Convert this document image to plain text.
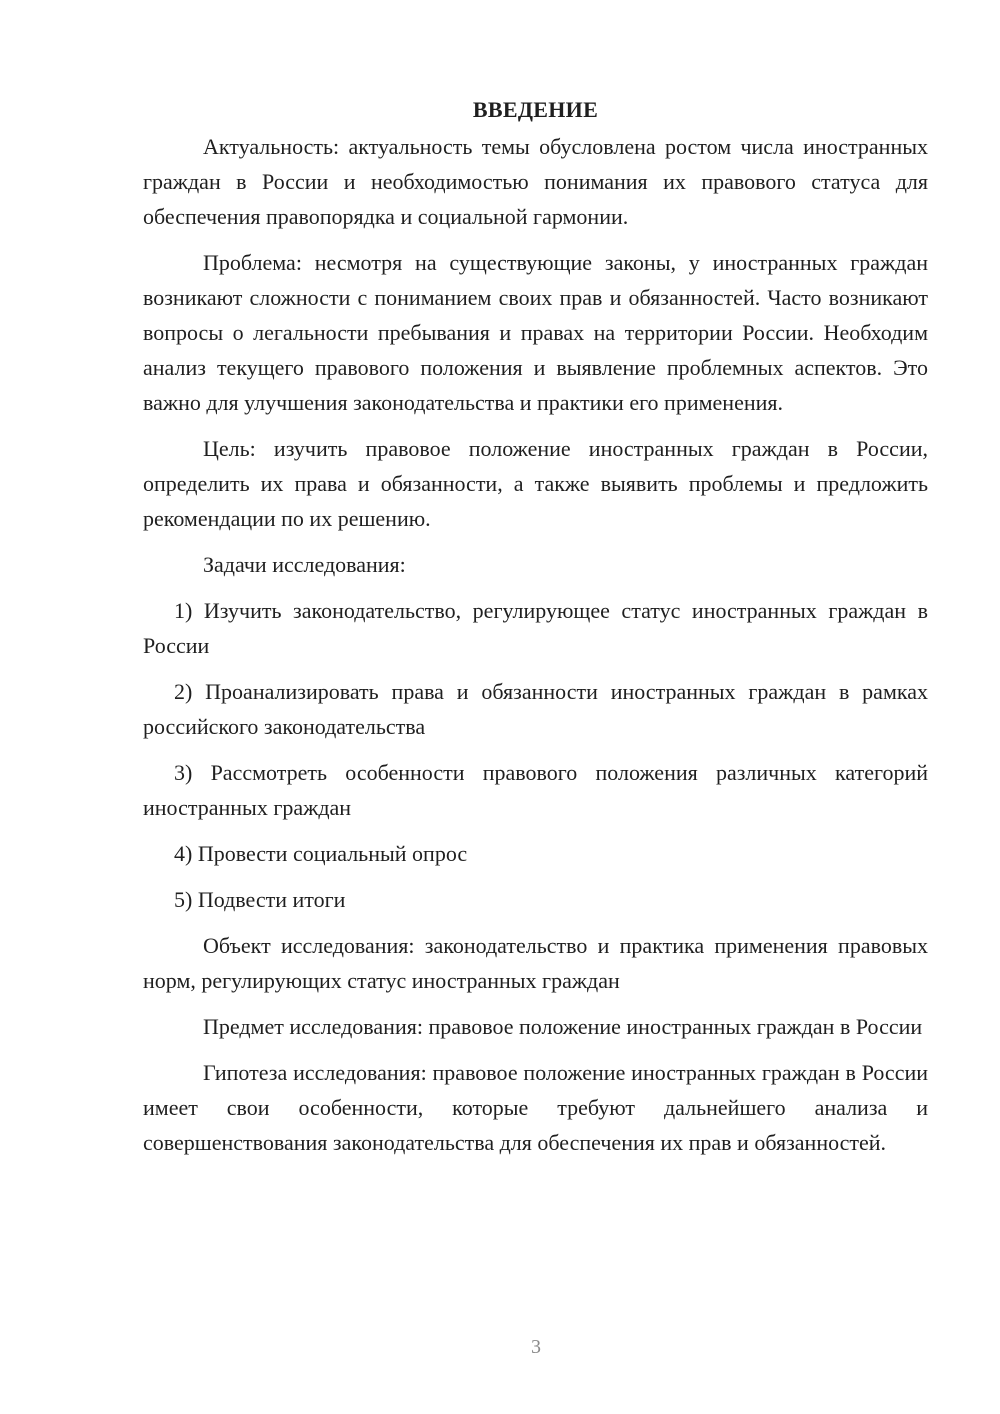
ВВЕДЕНИЕ

Актуальность: актуальность темы обусловлена ростом числа иностранных граждан в России и необходимостью понимания их правового статуса для обеспечения правопорядка и социальной гармонии.

Проблема: несмотря на существующие законы, у иностранных граждан возникают сложности с пониманием своих прав и обязанностей. Часто возникают вопросы о легальности пребывания и правах на территории России. Необходим анализ текущего правового положения и выявление проблемных аспектов. Это важно для улучшения законодательства и практики его применения.

Цель: изучить правовое положение иностранных граждан в России, определить их права и обязанности, а также выявить проблемы и предложить рекомендации по их решению.

Задачи исследования:

1) Изучить законодательство, регулирующее статус иностранных граждан в России

2) Проанализировать права и обязанности иностранных граждан в рамках российского законодательства

3) Рассмотреть особенности правового положения различных категорий иностранных граждан

4) Провести социальный опрос

5) Подвести итоги

Объект исследования: законодательство и практика применения правовых норм, регулирующих статус иностранных граждан

Предмет исследования: правовое положение иностранных граждан в России

Гипотеза исследования: правовое положение иностранных граждан в России имеет свои особенности, которые требуют дальнейшего анализа и совершенствования законодательства для обеспечения их прав и обязанностей.

3
